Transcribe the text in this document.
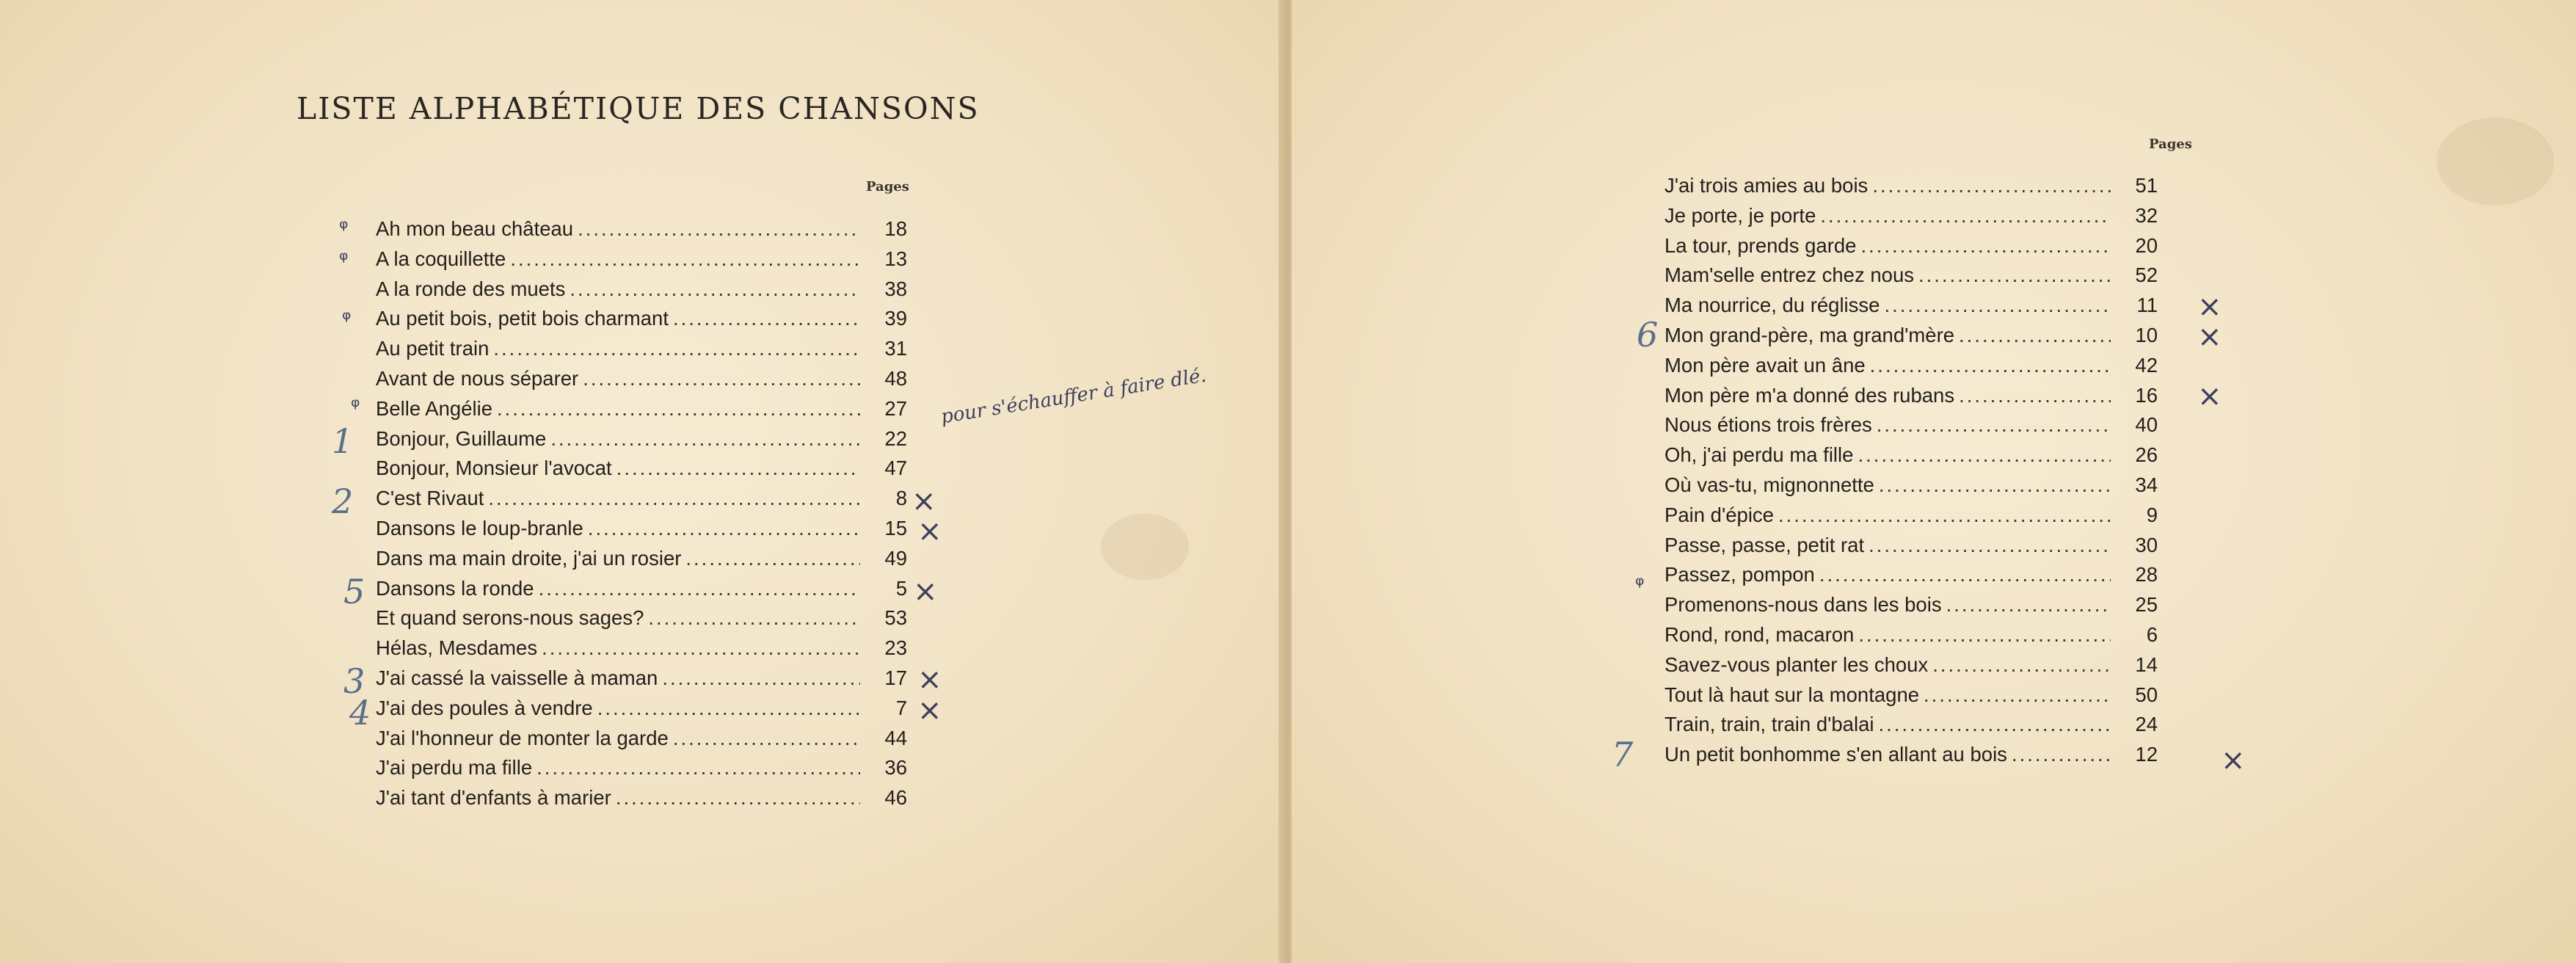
LISTE ALPHABÉTIQUE DES CHANSONS
Pages
Ah mon beau château .....	18
A la coquillette .....	13
A la ronde des muets .....	38
Au petit bois, petit bois charmant .....	39
Au petit train .....	31
Avant de nous séparer .....	48
Belle Angélie .....	27
Bonjour, Guillaume .....	22
Bonjour, Monsieur l'avocat .....	47
C'est Rivaut .....	8
Dansons le loup-branle .....	15
Dans ma main droite, j'ai un rosier .....	49
Dansons la ronde .....	5
Et quand serons-nous sages? .....	53
Hélas, Mesdames .....	23
J'ai cassé la vaisselle à maman .....	17
J'ai des poules à vendre .....	7
J'ai l'honneur de monter la garde .....	44
J'ai perdu ma fille .....	36
J'ai tant d'enfants à marier .....	46
ᵠ
ᵠ
ᵠ
ᵠ
1
2
5
3
4
×
×
×
×
×
pour s'échauffer à faire dlé.
Pages
J'ai trois amies au bois .....	51
Je porte, je porte .....	32
La tour, prends garde .....	20
Mam'selle entrez chez nous .....	52
Ma nourrice, du réglisse .....	11
Mon grand-père, ma grand'mère .....	10
Mon père avait un âne .....	42
Mon père m'a donné des rubans .....	16
Nous étions trois frères .....	40
Oh, j'ai perdu ma fille .....	26
Où vas-tu, mignonnette .....	34
Pain d'épice .....	9
Passe, passe, petit rat .....	30
Passez, pompon .....	28
Promenons-nous dans les bois .....	25
Rond, rond, macaron .....	6
Savez-vous planter les choux .....	14
Tout là haut sur la montagne .....	50
Train, train, train d'balai .....	24
Un petit bonhomme s'en allant au bois .....	12
6
7
ᵠ
×
×
×
×
